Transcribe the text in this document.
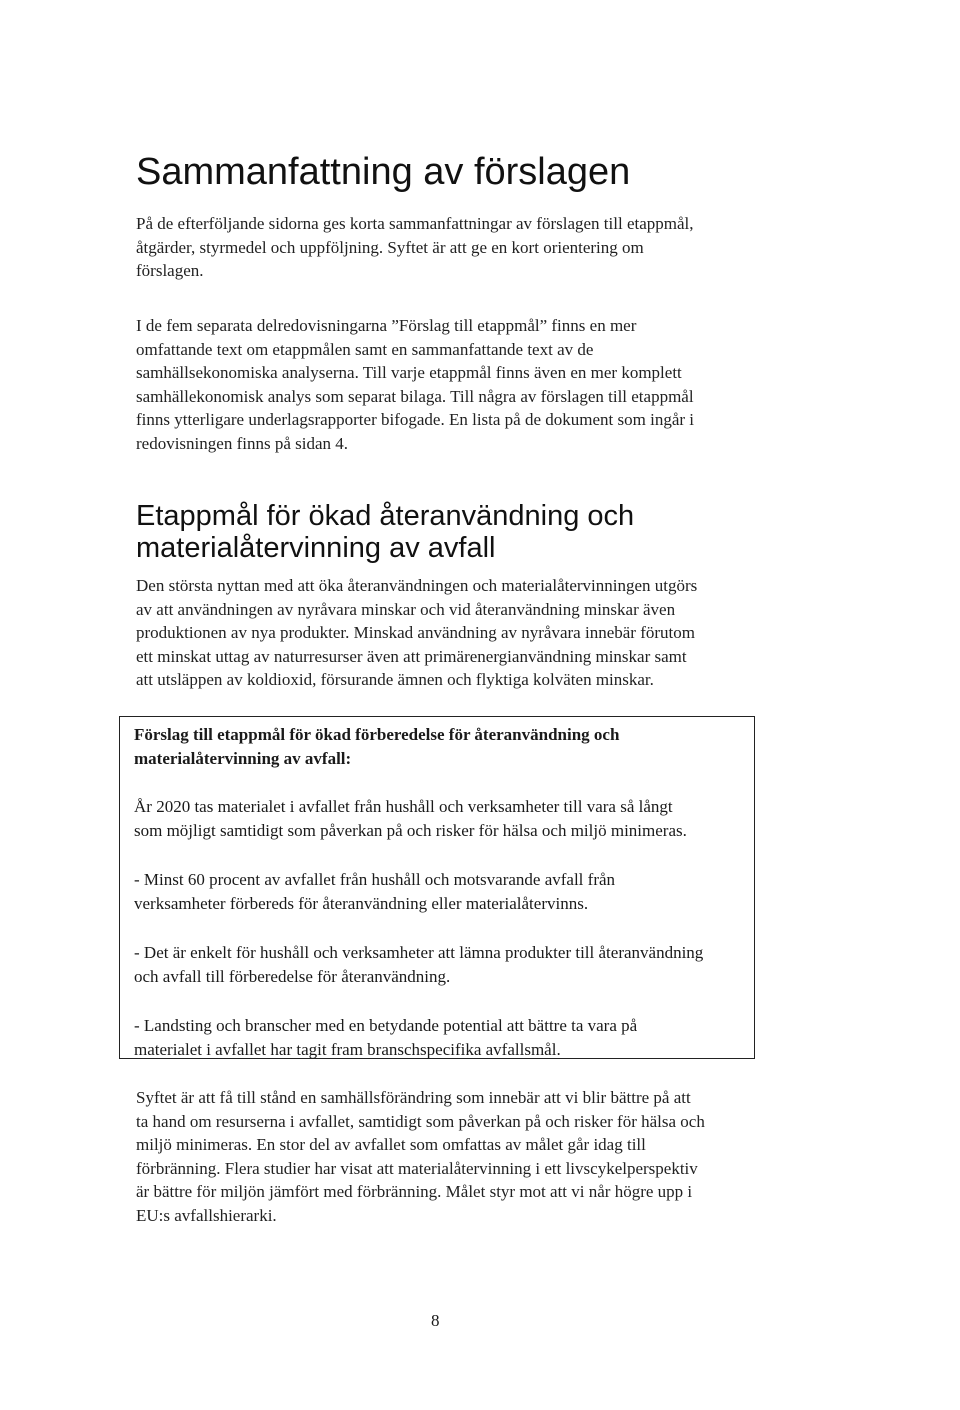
Sammanfattning av förslagen

På de efterföljande sidorna ges korta sammanfattningar av förslagen till etappmål,
åtgärder, styrmedel och uppföljning. Syftet är att ge en kort orientering om
förslagen.

I de fem separata delredovisningarna ”Förslag till etappmål” finns en mer
omfattande text om etappmålen samt en sammanfattande text av de
samhällsekonomiska analyserna. Till varje etappmål finns även en mer komplett
samhällekonomisk analys som separat bilaga. Till några av förslagen till etappmål
finns ytterligare underlagsrapporter bifogade. En lista på de dokument som ingår i
redovisningen finns på sidan 4.

Etappmål för ökad återanvändning och
materialåtervinning av avfall

Den största nyttan med att öka återanvändningen och materialåtervinningen utgörs
av att användningen av nyråvara minskar och vid återanvändning minskar även
produktionen av nya produkter. Minskad användning av nyråvara innebär förutom
ett minskat uttag av naturresurser även att primärenergianvändning minskar samt
att utsläppen av koldioxid, försurande ämnen och flyktiga kolväten minskar.

Förslag till etappmål för ökad förberedelse för återanvändning och
materialåtervinning av avfall:

År 2020 tas materialet i avfallet från hushåll och verksamheter till vara så långt
som möjligt samtidigt som påverkan på och risker för hälsa och miljö minimeras.

- Minst 60 procent av avfallet från hushåll och motsvarande avfall från
verksamheter förbereds för återanvändning eller materialåtervinns.

- Det är enkelt för hushåll och verksamheter att lämna produkter till återanvändning
och avfall till förberedelse för återanvändning.

- Landsting och branscher med en betydande potential att bättre ta vara på
materialet i avfallet har tagit fram branschspecifika avfallsmål.

Syftet är att få till stånd en samhällsförändring som innebär att vi blir bättre på att
ta hand om resurserna i avfallet, samtidigt som påverkan på och risker för hälsa och
miljö minimeras. En stor del av avfallet som omfattas av målet går idag till
förbränning. Flera studier har visat att materialåtervinning i ett livscykelperspektiv
är bättre för miljön jämfört med förbränning. Målet styr mot att vi når högre upp i
EU:s avfallshierarki.

8
